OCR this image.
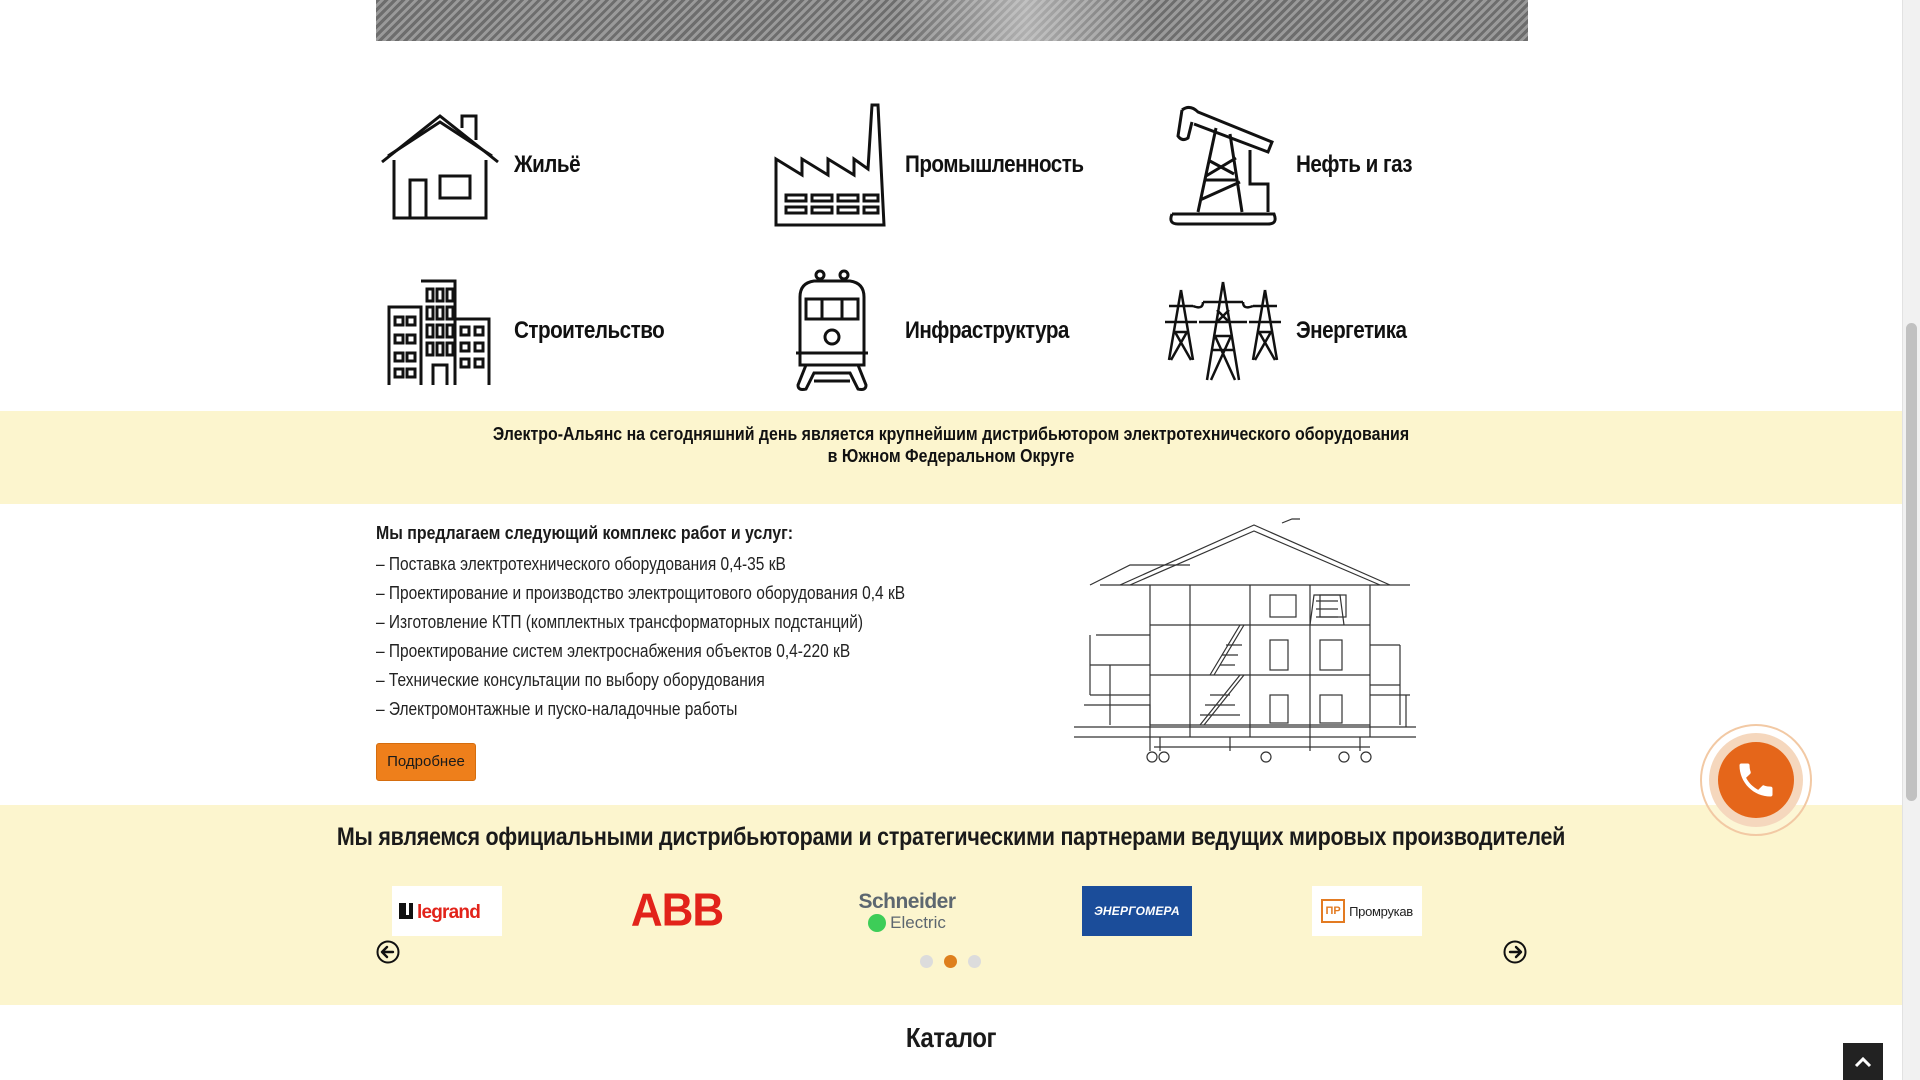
Жильё	Промышленность	Нефть и газ
Строительство	Инфраструктура	Энергетика
Электро-Альянс на сегодняшний день является крупнейшим дистрибьютором электротехнического оборудования
в Южном Федеральном Округе
Мы предлагаем следующий комплекс работ и услуг:
– Поставка электротехнического оборудования 0,4-35 кВ
– Проектирование и производство электрощитового оборудования 0,4 кВ
– Изготовление КТП (комплектных трансформаторных подстанций)
– Проектирование систем электроснабжения объектов 0,4-220 кВ
– Технические консультации по выбору оборудования
– Электромонтажные и пуско-наладочные работы
Подробнее
Мы являемся официальными дистрибьюторами и стратегическими партнерами ведущих мировых производителей
legrand	ABB	Schneider
Electric
ЭНЕРГОМЕРА	ПР Промрукав
Каталог
